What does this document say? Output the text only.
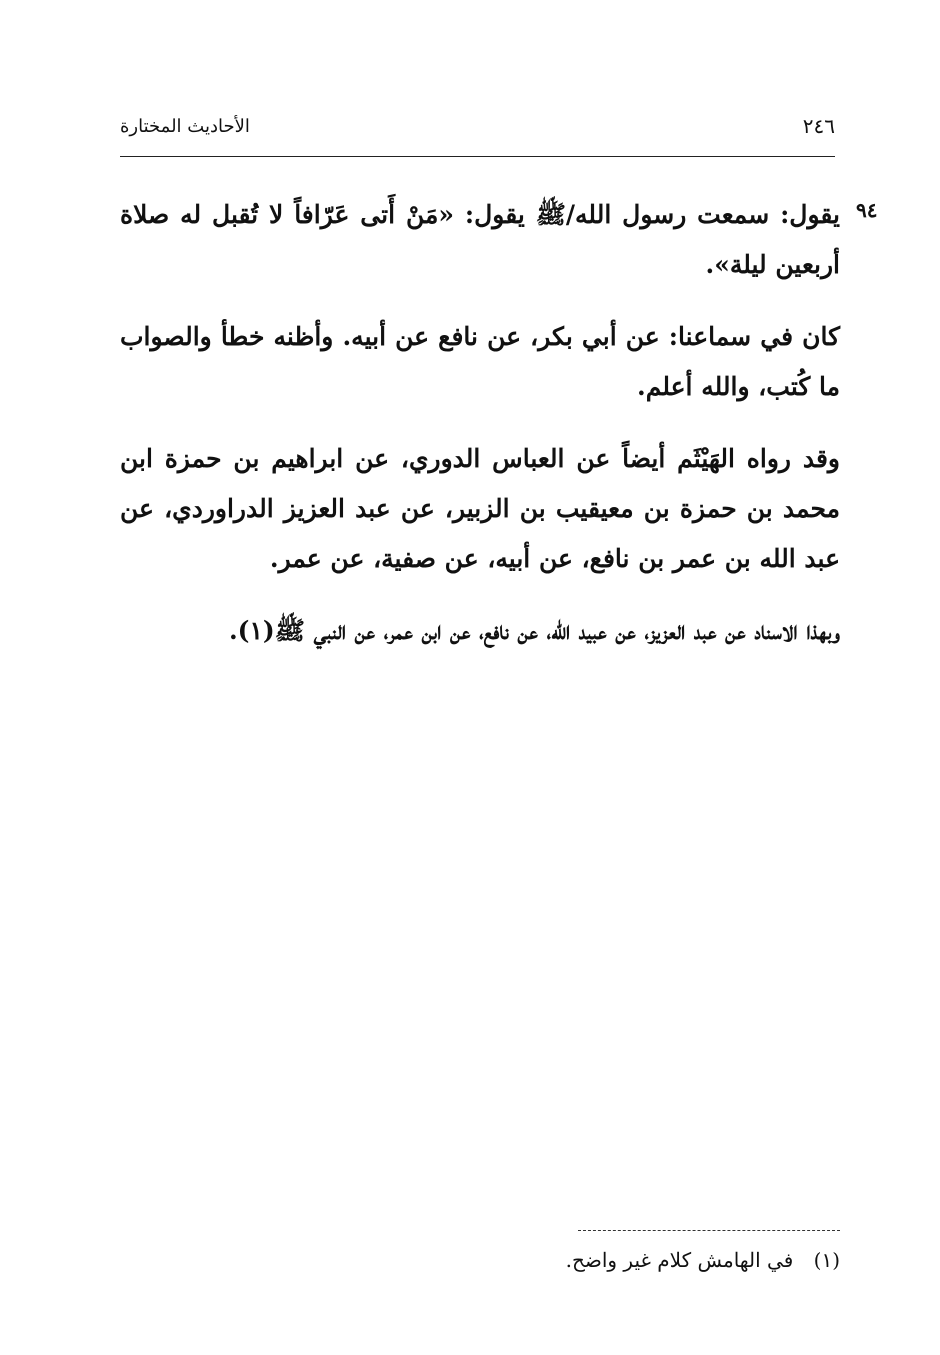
٢٤٦
الأحاديث المختارة
٩٤

يقول: سمعت رسول الله/ﷺ يقول: «مَنْ أَتى عَرّافاً لا تُقبل له صلاة أربعين ليلة».

كان في سماعنا: عن أبي بكر، عن نافع عن أبيه. وأظنه خطأ والصواب ما كُتب، والله أعلم.

وقد رواه الهَيْثَم أيضاً عن العباس الدوري، عن ابراهيم بن حمزة ابن محمد بن حمزة بن معيقيب بن الزبير، عن عبد العزيز الدراوردي، عن عبد الله بن عمر بن نافع، عن أبيه، عن صفية، عن عمر.

وبهذا الاسناد عن عبد العزيز، عن عبيد الله، عن نافع، عن ابن عمر، عن النبي ﷺ(١).

(١) في الهامش كلام غير واضح.
